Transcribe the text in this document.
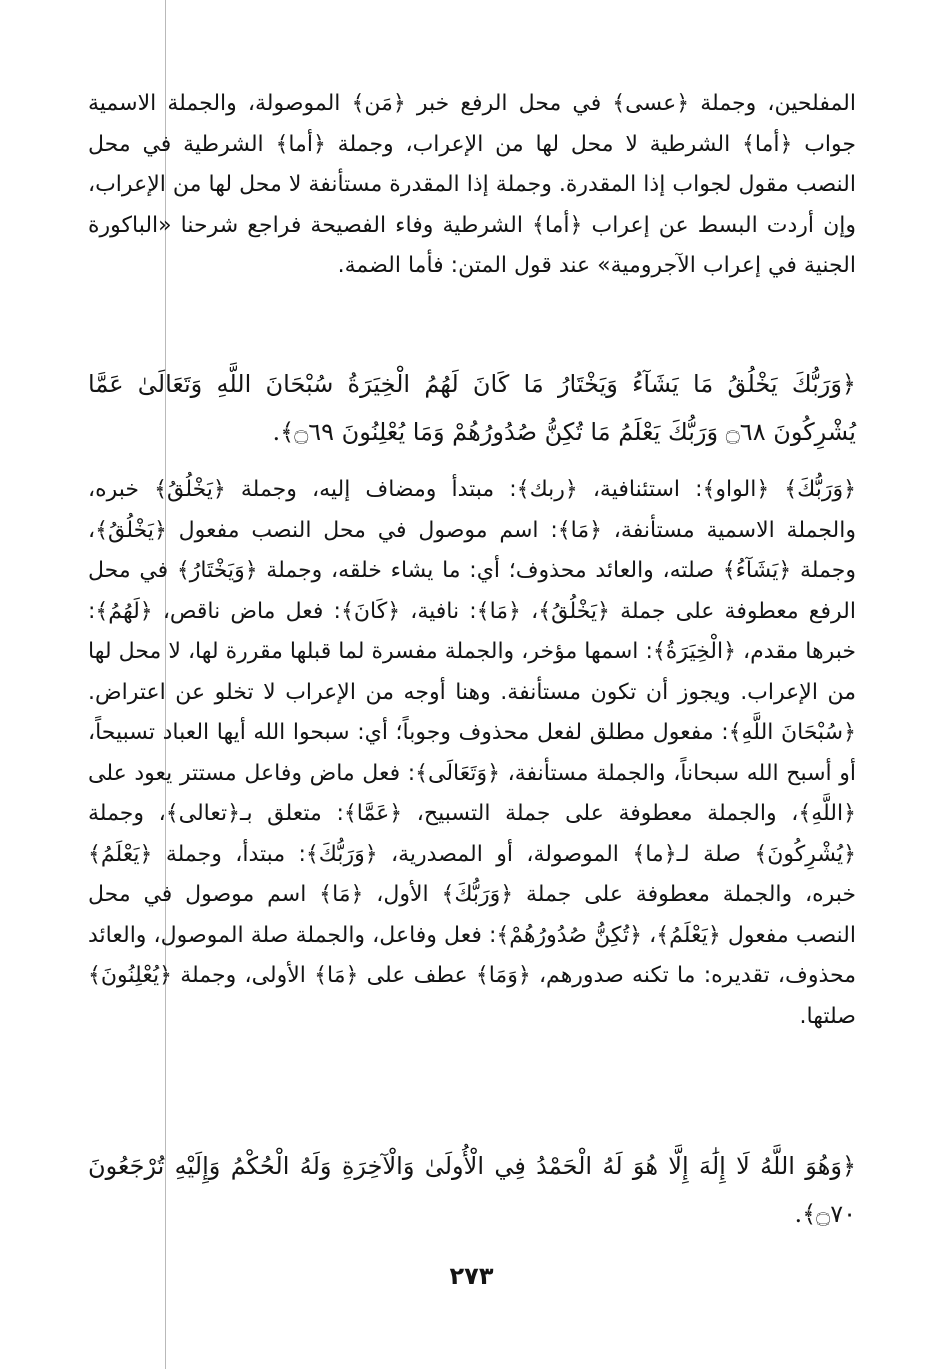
المفلحين، وجملة ﴿عسى﴾ في محل الرفع خبر ﴿مَن﴾ الموصولة، والجملة الاسمية جواب ﴿أما﴾ الشرطية لا محل لها من الإعراب، وجملة ﴿أما﴾ الشرطية في محل النصب مقول لجواب إذا المقدرة. وجملة إذا المقدرة مستأنفة لا محل لها من الإعراب، وإن أردت البسط عن إعراب ﴿أما﴾ الشرطية وفاء الفصيحة فراجع شرحنا «الباكورة الجنية في إعراب الآجرومية» عند قول المتن: فأما الضمة.

﴿وَرَبُّكَ يَخْلُقُ مَا يَشَآءُ وَيَخْتَارُ مَا كَانَ لَهُمُ الْخِيَرَةُ سُبْحَانَ اللَّهِ وَتَعَالَىٰ عَمَّا يُشْرِكُونَ ۝٦٨ وَرَبُّكَ يَعْلَمُ مَا تُكِنُّ صُدُورُهُمْ وَمَا يُعْلِنُونَ ۝٦٩﴾.

﴿وَرَبُّكَ﴾ ﴿الواو﴾: استئنافية، ﴿ربك﴾: مبتدأ ومضاف إليه، وجملة ﴿يَخْلُقُ﴾ خبره، والجملة الاسمية مستأنفة، ﴿مَا﴾: اسم موصول في محل النصب مفعول ﴿يَخْلُقُ﴾، وجملة ﴿يَشَآءُ﴾ صلته، والعائد محذوف؛ أي: ما يشاء خلقه، وجملة ﴿وَيَخْتَارُ﴾ في محل الرفع معطوفة على جملة ﴿يَخْلُقُ﴾، ﴿مَا﴾: نافية، ﴿كَانَ﴾: فعل ماض ناقص، ﴿لَهُمُ﴾: خبرها مقدم، ﴿الْخِيَرَةُ﴾: اسمها مؤخر، والجملة مفسرة لما قبلها مقررة لها، لا محل لها من الإعراب. ويجوز أن تكون مستأنفة. وهنا أوجه من الإعراب لا تخلو عن اعتراض. ﴿سُبْحَانَ اللَّهِ﴾: مفعول مطلق لفعل محذوف وجوباً؛ أي: سبحوا الله أيها العباد تسبيحاً، أو أسبح الله سبحاناً، والجملة مستأنفة، ﴿وَتَعَالَى﴾: فعل ماض وفاعل مستتر يعود على ﴿اللَّهِ﴾، والجملة معطوفة على جملة التسبيح، ﴿عَمَّا﴾: متعلق بـ﴿تعالى﴾، وجملة ﴿يُشْرِكُونَ﴾ صلة لـ﴿ما﴾ الموصولة، أو المصدرية، ﴿وَرَبُّكَ﴾: مبتدأ، وجملة ﴿يَعْلَمُ﴾ خبره، والجملة معطوفة على جملة ﴿وَرَبُّكَ﴾ الأول، ﴿مَا﴾ اسم موصول في محل النصب مفعول ﴿يَعْلَمُ﴾، ﴿تُكِنُّ صُدُورُهُمْ﴾: فعل وفاعل، والجملة صلة الموصول، والعائد محذوف، تقديره: ما تكنه صدورهم، ﴿وَمَا﴾ عطف على ﴿مَا﴾ الأولى، وجملة ﴿يُعْلِنُونَ﴾ صلتها.

﴿وَهُوَ اللَّهُ لَا إِلَٰهَ إِلَّا هُوَ لَهُ الْحَمْدُ فِي الْأُولَىٰ وَالْآخِرَةِ وَلَهُ الْحُكْمُ وَإِلَيْهِ تُرْجَعُونَ ۝٧٠﴾.

٢٧٣
